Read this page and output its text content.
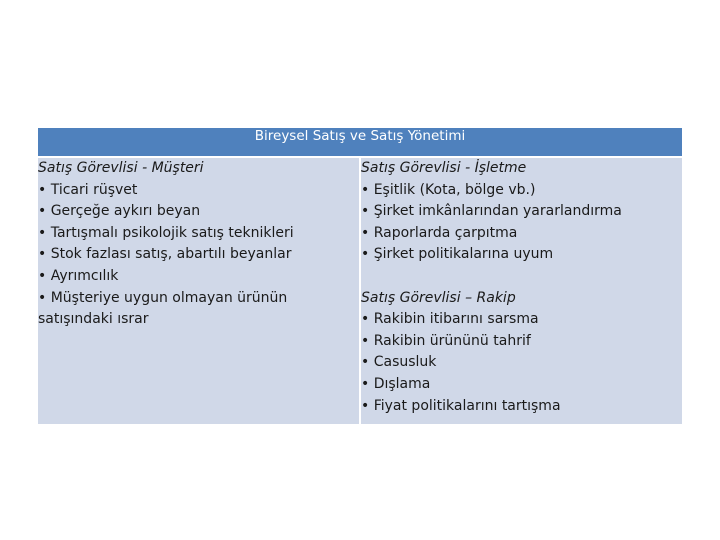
Bireysel Satış ve Satış Yönetimi

Satış Görevlisi - Müşteri
• Ticari rüşvet
• Gerçeğe aykırı beyan
• Tartışmalı psikolojik satış teknikleri
• Stok fazlası satış, abartılı beyanlar
• Ayrımcılık
• Müşteriye uygun olmayan ürünün
satışındaki ısrar

Satış Görevlisi - İşletme
• Eşitlik (Kota, bölge vb.)
• Şirket imkânlarından yararlandırma
• Raporlarda çarpıtma
• Şirket politikalarına uyum
Satış Görevlisi – Rakip
• Rakibin itibarını sarsma
• Rakibin ürününü tahrif
• Casusluk
• Dışlama
• Fiyat politikalarını tartışma
